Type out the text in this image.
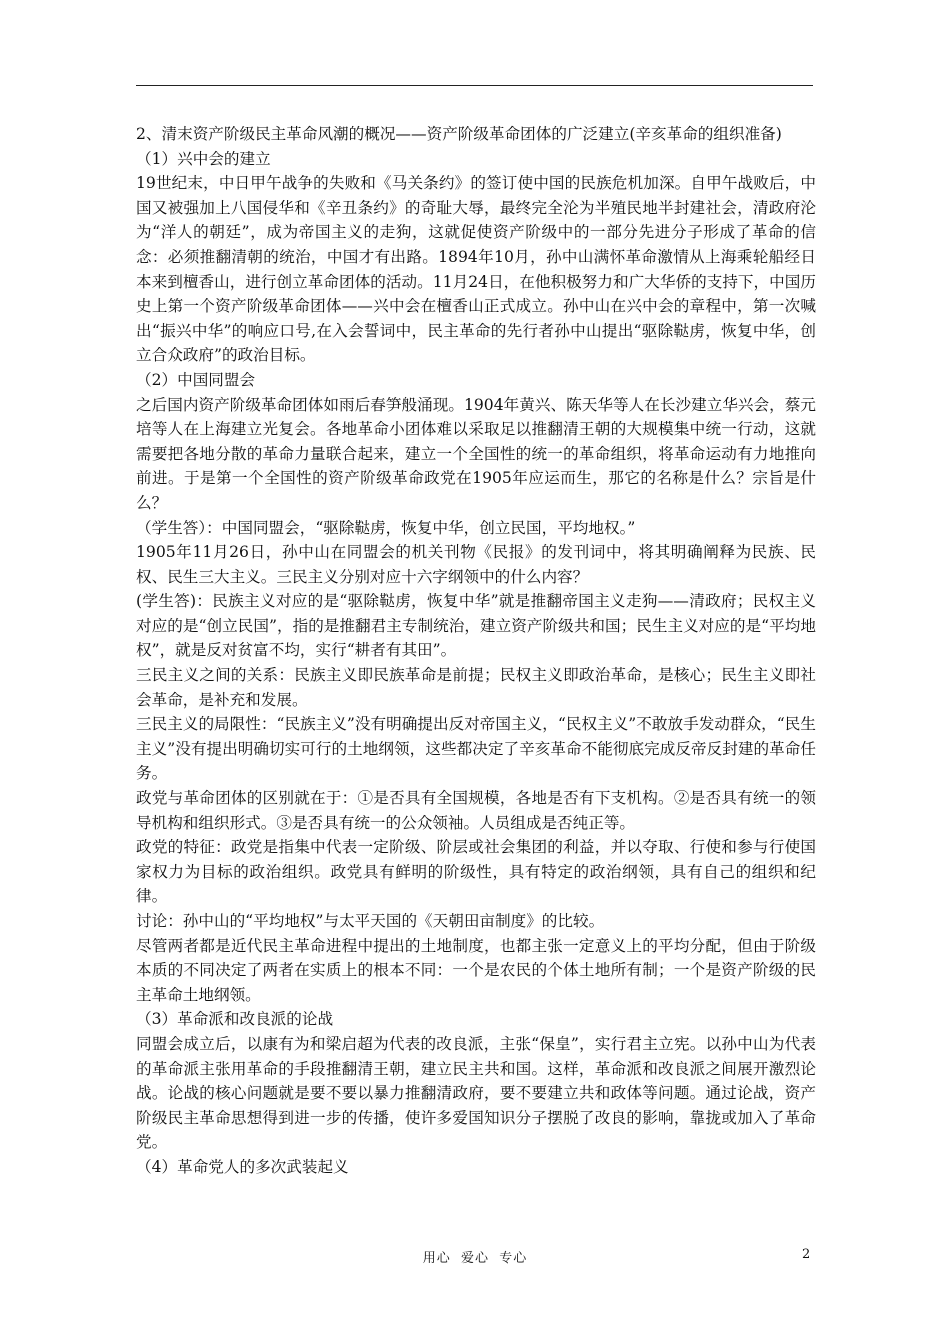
2、清末资产阶级民主革命风潮的概况——资产阶级革命团体的广泛建立(辛亥革命的组织准备)

（1）兴中会的建立

19世纪末，中日甲午战争的失败和《马关条约》的签订使中国的民族危机加深。自甲午战败后，中国又被强加上八国侵华和《辛丑条约》的奇耻大辱，最终完全沦为半殖民地半封建社会，清政府沦为“洋人的朝廷”，成为帝国主义的走狗，这就促使资产阶级中的一部分先进分子形成了革命的信念：必须推翻清朝的统治，中国才有出路。1894年10月，孙中山满怀革命激情从上海乘轮船经日本来到檀香山，进行创立革命团体的活动。11月24日，在他积极努力和广大华侨的支持下，中国历史上第一个资产阶级革命团体——兴中会在檀香山正式成立。孙中山在兴中会的章程中，第一次喊出“振兴中华”的响应口号,在入会誓词中，民主革命的先行者孙中山提出“驱除鞑虏，恢复中华，创立合众政府”的政治目标。

（2）中国同盟会

之后国内资产阶级革命团体如雨后春笋般涌现。1904年黄兴、陈天华等人在长沙建立华兴会，蔡元培等人在上海建立光复会。各地革命小团体难以采取足以推翻清王朝的大规模集中统一行动，这就需要把各地分散的革命力量联合起来，建立一个全国性的统一的革命组织，将革命运动有力地推向前进。于是第一个全国性的资产阶级革命政党在1905年应运而生，那它的名称是什么？宗旨是什么？

（学生答）：中国同盟会，“驱除鞑虏，恢复中华，创立民国，平均地权。”

1905年11月26日，孙中山在同盟会的机关刊物《民报》的发刊词中，将其明确阐释为民族、民权、民生三大主义。三民主义分别对应十六字纲领中的什么内容？

(学生答)：民族主义对应的是“驱除鞑虏，恢复中华”就是推翻帝国主义走狗——清政府；民权主义对应的是“创立民国”，指的是推翻君主专制统治，建立资产阶级共和国；民生主义对应的是“平均地权”，就是反对贫富不均，实行“耕者有其田”。

三民主义之间的关系：民族主义即民族革命是前提；民权主义即政治革命，是核心；民生主义即社会革命，是补充和发展。

三民主义的局限性：“民族主义”没有明确提出反对帝国主义，“民权主义”不敢放手发动群众，“民生主义”没有提出明确切实可行的土地纲领，这些都决定了辛亥革命不能彻底完成反帝反封建的革命任务。

政党与革命团体的区别就在于：①是否具有全国规模，各地是否有下支机构。②是否具有统一的领导机构和组织形式。③是否具有统一的公众领袖。人员组成是否纯正等。

政党的特征：政党是指集中代表一定阶级、阶层或社会集团的利益，并以夺取、行使和参与行使国家权力为目标的政治组织。政党具有鲜明的阶级性，具有特定的政治纲领，具有自己的组织和纪律。

讨论：孙中山的“平均地权”与太平天国的《天朝田亩制度》的比较。

尽管两者都是近代民主革命进程中提出的土地制度，也都主张一定意义上的平均分配，但由于阶级本质的不同决定了两者在实质上的根本不同：一个是农民的个体土地所有制；一个是资产阶级的民主革命土地纲领。

（3）革命派和改良派的论战

同盟会成立后，以康有为和梁启超为代表的改良派，主张“保皇”，实行君主立宪。以孙中山为代表的革命派主张用革命的手段推翻清王朝，建立民主共和国。这样，革命派和改良派之间展开激烈论战。论战的核心问题就是要不要以暴力推翻清政府，要不要建立共和政体等问题。通过论战，资产阶级民主革命思想得到进一步的传播，使许多爱国知识分子摆脱了改良的影响，靠拢或加入了革命党。

（4）革命党人的多次武装起义

用心  爱心  专心	2
